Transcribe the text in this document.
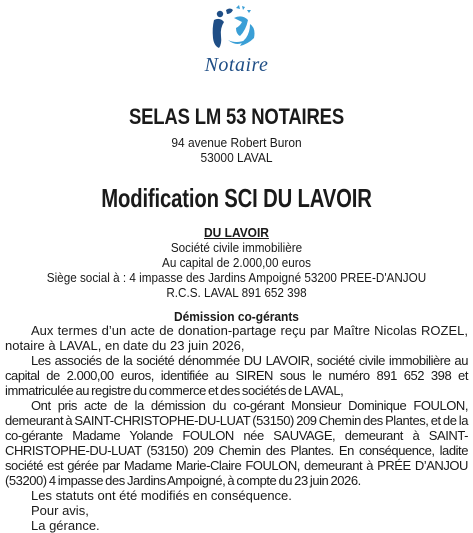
Notaire
SELAS LM 53 NOTAIRES
94 avenue Robert Buron
53000 LAVAL
Modification SCI DU LAVOIR
DU LAVOIR
Société civile immobilière
Au capital de 2.000,00 euros
Siège social à : 4 impasse des Jardins Ampoigné 53200 PREE-D'ANJOU
R.C.S. LAVAL 891 652 398
Démission co-gérants

Aux termes d’un acte de donation-partage reçu par Maître Nicolas ROZEL, notaire à LAVAL, en date du 23 juin 2026,

Les associés de la société dénommée DU LAVOIR, société civile immobilière au capital de 2.000,00 euros, identifiée au SIREN sous le numéro 891 652 398 et immatriculée au registre du commerce et des sociétés de LAVAL,

Ont pris acte de la démission du co-gérant Monsieur Dominique FOULON, demeurant à SAINT-CHRISTOPHE-DU-LUAT (53150) 209 Chemin des Plantes, et de la co-gérante Madame Yolande FOULON née SAUVAGE, demeurant à SAINT-CHRISTOPHE-DU-LUAT (53150) 209 Chemin des Plantes. En conséquence, ladite société est gérée par Madame Marie-Claire FOULON, demeurant à PRÉE D’ANJOU (53200) 4 impasse des Jardins Ampoigné, à compte du 23 juin 2026.

Les statuts ont été modifiés en conséquence.

Pour avis,

La gérance.
